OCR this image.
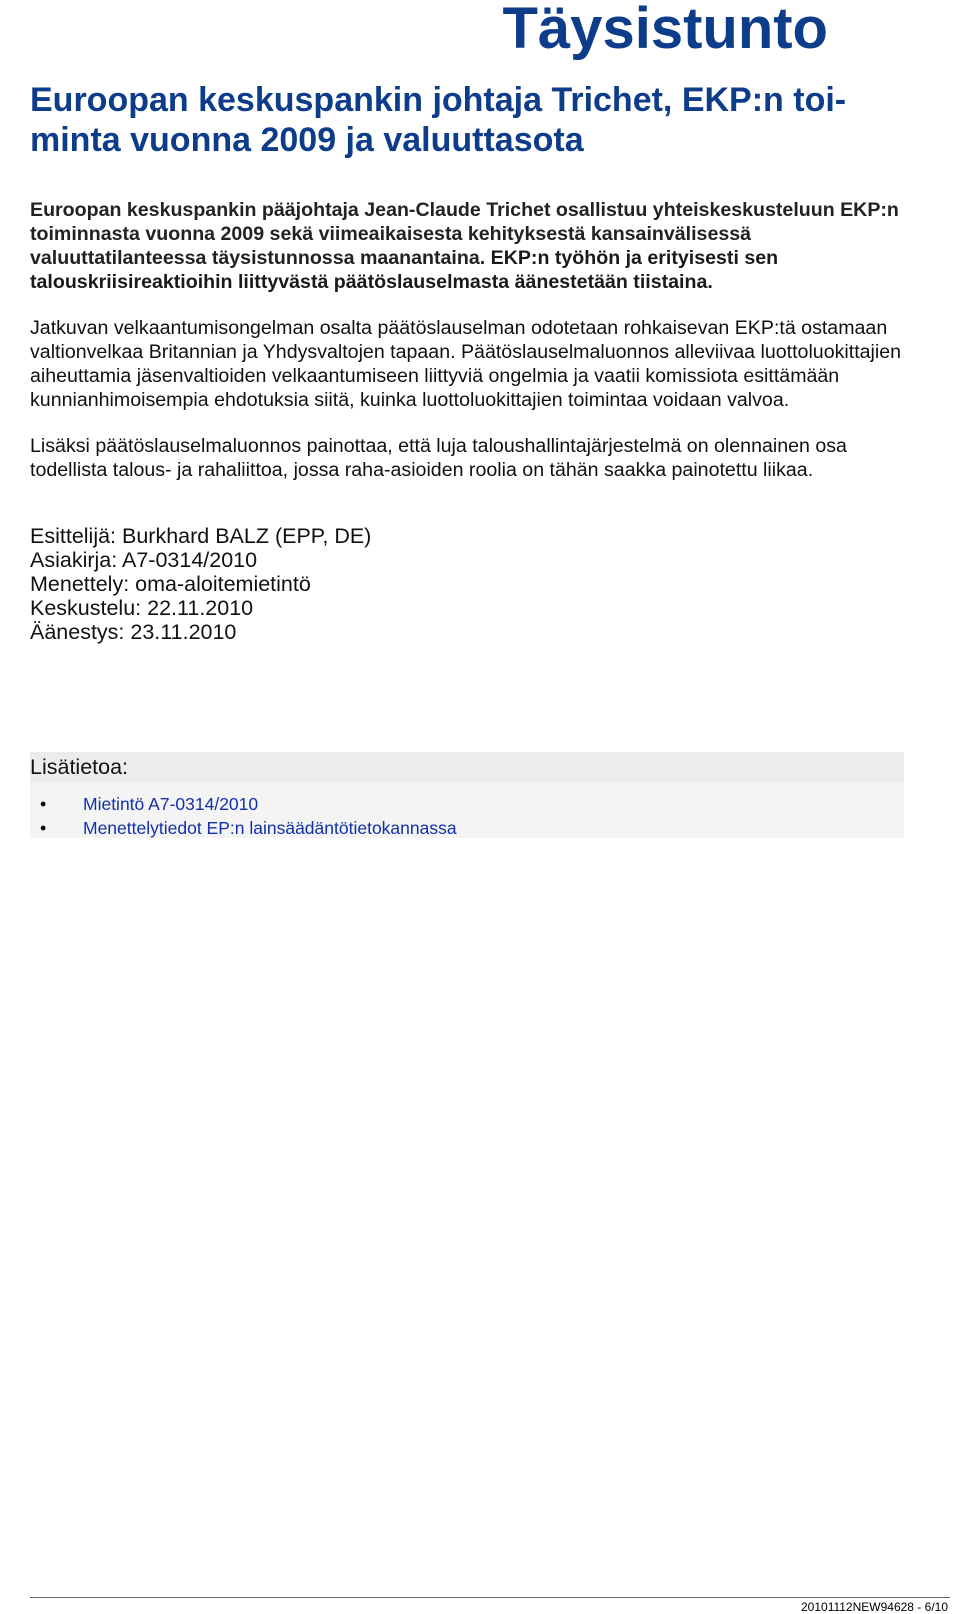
Täysistunto
Euroopan keskuspankin johtaja Trichet, EKP:n toi-
minta vuonna 2009 ja valuuttasota

Euroopan keskuspankin pääjohtaja Jean-Claude Trichet osallistuu yhteiskeskusteluun EKP:n toiminnasta vuonna 2009 sekä viimeaikaisesta kehityksestä kansainvälisessä valuuttatilanteessa täysistunnossa maanantaina. EKP:n työhön ja erityisesti sen talouskriisireaktioihin liittyvästä päätöslauselmasta äänestetään tiistaina.

Jatkuvan velkaantumisongelman osalta päätöslauselman odotetaan rohkaisevan EKP:tä ostamaan valtionvelkaa Britannian ja Yhdysvaltojen tapaan. Päätöslauselmaluonnos alleviivaa luottoluokittajien aiheuttamia jäsenvaltioiden velkaantumiseen liittyviä ongelmia ja vaatii komissiota esittämään kunnianhimoisempia ehdotuksia siitä, kuinka luottoluokittajien toimintaa voidaan valvoa.

Lisäksi päätöslauselmaluonnos painottaa, että luja taloushallintajärjestelmä on olennainen osa todellista talous- ja rahaliittoa, jossa raha-asioiden roolia on tähän saakka painotettu liikaa.

Esittelijä: Burkhard BALZ (EPP, DE)
Asiakirja: A7-0314/2010
Menettely: oma-aloitemietintö
Keskustelu: 22.11.2010
Äänestys: 23.11.2010
Lisätietoa:
• Mietintö A7-0314/2010
• Menettelytiedot EP:n lainsäädäntötietokannassa
20101112NEW94628 - 6/10
